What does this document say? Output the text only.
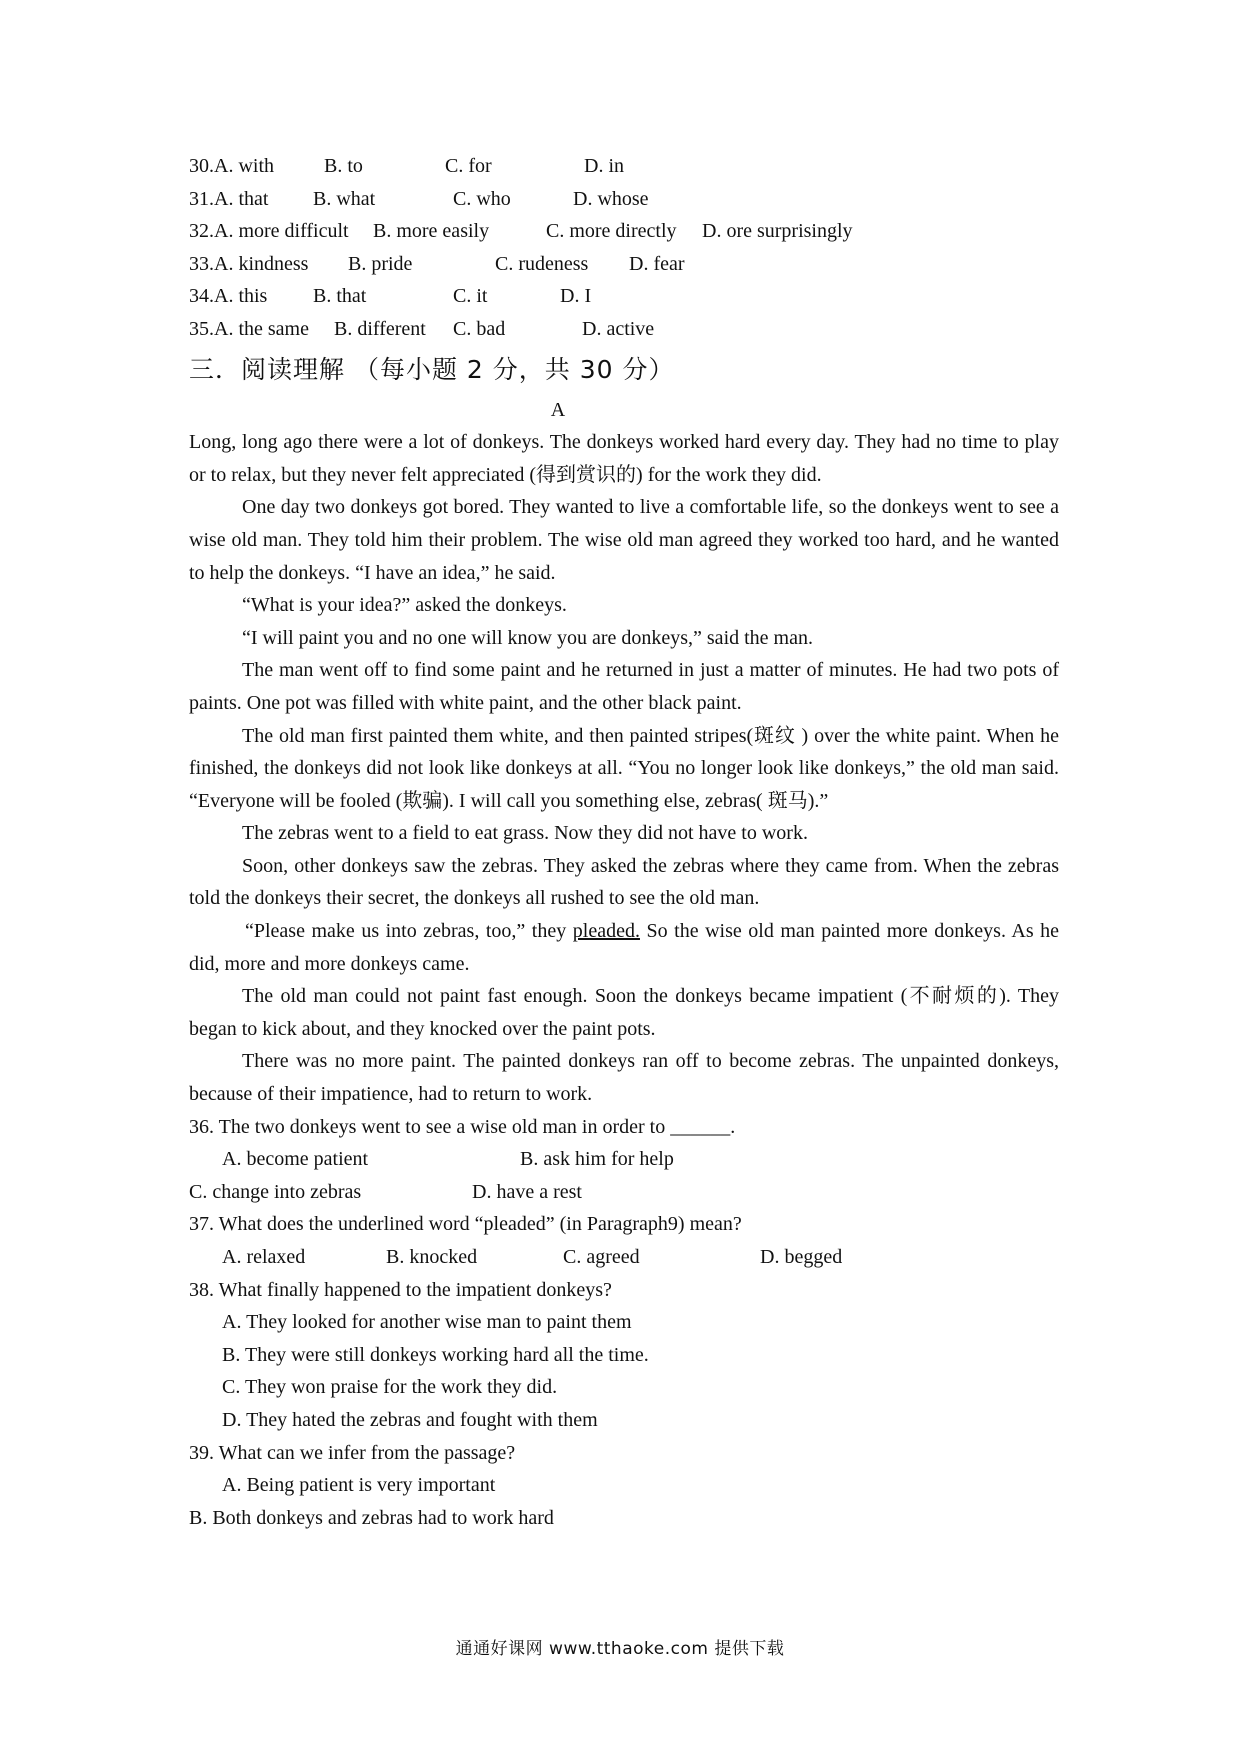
30. A. with	B. to	C. for	D. in
31. A. that B. what	C. who	D. whose
32. A. more difficult B. more easily	C. more directly D. ore surprisingly
33. A. kindness B. pride	C. rudeness D. fear
34. A. this B. that	C. it	D. I
35. A. the same B. different C. bad	D. active
三．阅读理解 （每小题 2 分，共 30 分）
A

Long, long ago there were a lot of donkeys. The donkeys worked hard every day. They had no time to play or to relax, but they never felt appreciated (得到赏识的) for the work they did.

One day two donkeys got bored. They wanted to live a comfortable life, so the donkeys went to see a wise old man. They told him their problem. The wise old man agreed they worked too hard, and he wanted to help the donkeys. “I have an idea,” he said.

“What is your idea?” asked the donkeys.

“I will paint you and no one will know you are donkeys,” said the man.

The man went off to find some paint and he returned in just a matter of minutes. He had two pots of paints. One pot was filled with white paint, and the other black paint.

The old man first painted them white, and then painted stripes(斑纹 ) over the white paint. When he finished, the donkeys did not look like donkeys at all. “You no longer look like donkeys,” the old man said. “Everyone will be fooled (欺骗). I will call you something else, zebras( 斑马).”

The zebras went to a field to eat grass. Now they did not have to work.

Soon, other donkeys saw the zebras. They asked the zebras where they came from. When the zebras told the donkeys their secret, the donkeys all rushed to see the old man.

“Please make us into zebras, too,” they pleaded. So the wise old man painted more donkeys. As he did, more and more donkeys came.

The old man could not paint fast enough. Soon the donkeys became impatient (不耐烦的). They began to kick about, and they knocked over the paint pots.

There was no more paint. The painted donkeys ran off to become zebras. The unpainted donkeys, because of their impatience, had to return to work.

36. The two donkeys went to see a wise old man in order to ______.

A. become patient	B. ask him for help
C. change into zebras	D. have a rest

37. What does the underlined word “pleaded” (in Paragraph9) mean?

A. relaxed	B. knocked	C. agreed	D. begged

38. What finally happened to the impatient donkeys?

A. They looked for another wise man to paint them

B. They were still donkeys working hard all the time.

C. They won praise for the work they did.

D. They hated the zebras and fought with them

39. What can we infer from the passage?

A. Being patient is very important

B. Both donkeys and zebras had to work hard

通通好课网 www.tthaoke.com 提供下载
